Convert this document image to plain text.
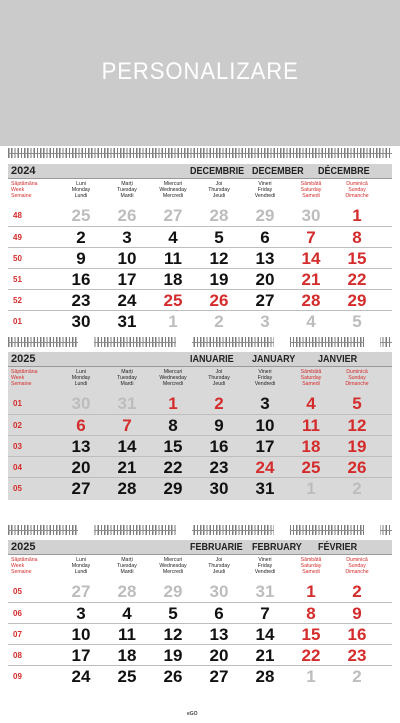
PERSONALIZARE
2024	DECEMBRIE DECEMBER DÉCEMBRE
Săptămâna
Week
Semaine
Luni
Monday
Lundi
Marți
Tuesday
Mardi
Miercuri
Wednesday
Mercredi
Joi
Thursday
Jeudi
Vineri
Friday
Vendredi
Sâmbătă
Saturday
Samedi
Duminică
Sunday
Dimanche
48	25	26	27	28	29	30	1
49	2	3	4	5	6	7	8
50	9	10	11	12	13	14	15
51	16	17	18	19	20	21	22
52	23	24	25	26	27	28	29
01	30	31	1	2	3	4	5
2025	IANUARIE JANUARY JANVIER
Săptămâna
Week
Semaine
Luni
Monday
Lundi
Marți
Tuesday
Mardi
Miercuri
Wednesday
Mercredi
Joi
Thursday
Jeudi
Vineri
Friday
Vendredi
Sâmbătă
Saturday
Samedi
Duminică
Sunday
Dimanche
01	30	31	1	2	3	4	5
02	6	7	8	9	10	11	12
03	13	14	15	16	17	18	19
04	20	21	22	23	24	25	26
05	27	28	29	30	31	1	2
2025	FEBRUARIE FEBRUARY FÉVRIER
Săptămâna
Week
Semaine
Luni
Monday
Lundi
Marți
Tuesday
Mardi
Miercuri
Wednesday
Mercredi
Joi
Thursday
Jeudi
Vineri
Friday
Vendredi
Sâmbătă
Saturday
Samedi
Duminică
Sunday
Dimanche
05	27	28	29	30	31	1	2
06	3	4	5	6	7	8	9
07	10	11	12	13	14	15	16
08	17	18	19	20	21	22	23
09	24	25	26	27	28	1	2
eGO
